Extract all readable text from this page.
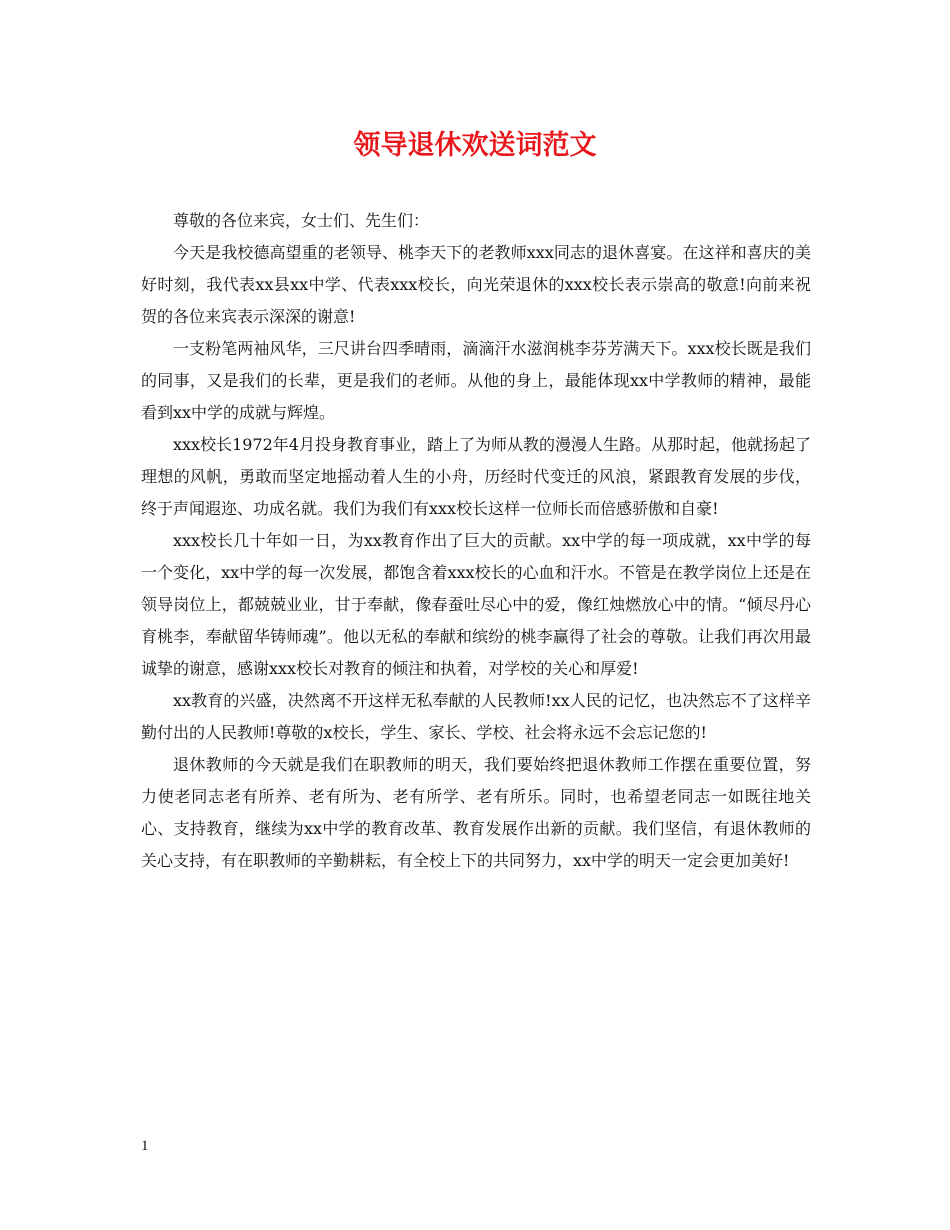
领导退休欢送词范文

尊敬的各位来宾，女士们、先生们：

今天是我校德高望重的老领导、桃李天下的老教师xxx同志的退休喜宴。在这祥和喜庆的美好时刻，我代表xx县xx中学、代表xxx校长，向光荣退休的xxx校长表示崇高的敬意!向前来祝贺的各位来宾表示深深的谢意!

一支粉笔两袖风华，三尺讲台四季晴雨，滴滴汗水滋润桃李芬芳满天下。xxx校长既是我们的同事，又是我们的长辈，更是我们的老师。从他的身上，最能体现xx中学教师的精神，最能看到xx中学的成就与辉煌。

xxx校长1972年4月投身教育事业，踏上了为师从教的漫漫人生路。从那时起，他就扬起了理想的风帆，勇敢而坚定地摇动着人生的小舟，历经时代变迁的风浪，紧跟教育发展的步伐，终于声闻遐迩、功成名就。我们为我们有xxx校长这样一位师长而倍感骄傲和自豪!

xxx校长几十年如一日，为xx教育作出了巨大的贡献。xx中学的每一项成就，xx中学的每一个变化，xx中学的每一次发展，都饱含着xxx校长的心血和汗水。不管是在教学岗位上还是在领导岗位上，都兢兢业业，甘于奉献，像春蚕吐尽心中的爱，像红烛燃放心中的情。“倾尽丹心育桃李，奉献留华铸师魂”。他以无私的奉献和缤纷的桃李赢得了社会的尊敬。让我们再次用最诚挚的谢意，感谢xxx校长对教育的倾注和执着，对学校的关心和厚爱!

xx教育的兴盛，决然离不开这样无私奉献的人民教师!xx人民的记忆，也决然忘不了这样辛勤付出的人民教师!尊敬的x校长，学生、家长、学校、社会将永远不会忘记您的!

退休教师的今天就是我们在职教师的明天，我们要始终把退休教师工作摆在重要位置，努力使老同志老有所养、老有所为、老有所学、老有所乐。同时，也希望老同志一如既往地关心、支持教育，继续为xx中学的教育改革、教育发展作出新的贡献。我们坚信，有退休教师的关心支持，有在职教师的辛勤耕耘，有全校上下的共同努力，xx中学的明天一定会更加美好!

1
